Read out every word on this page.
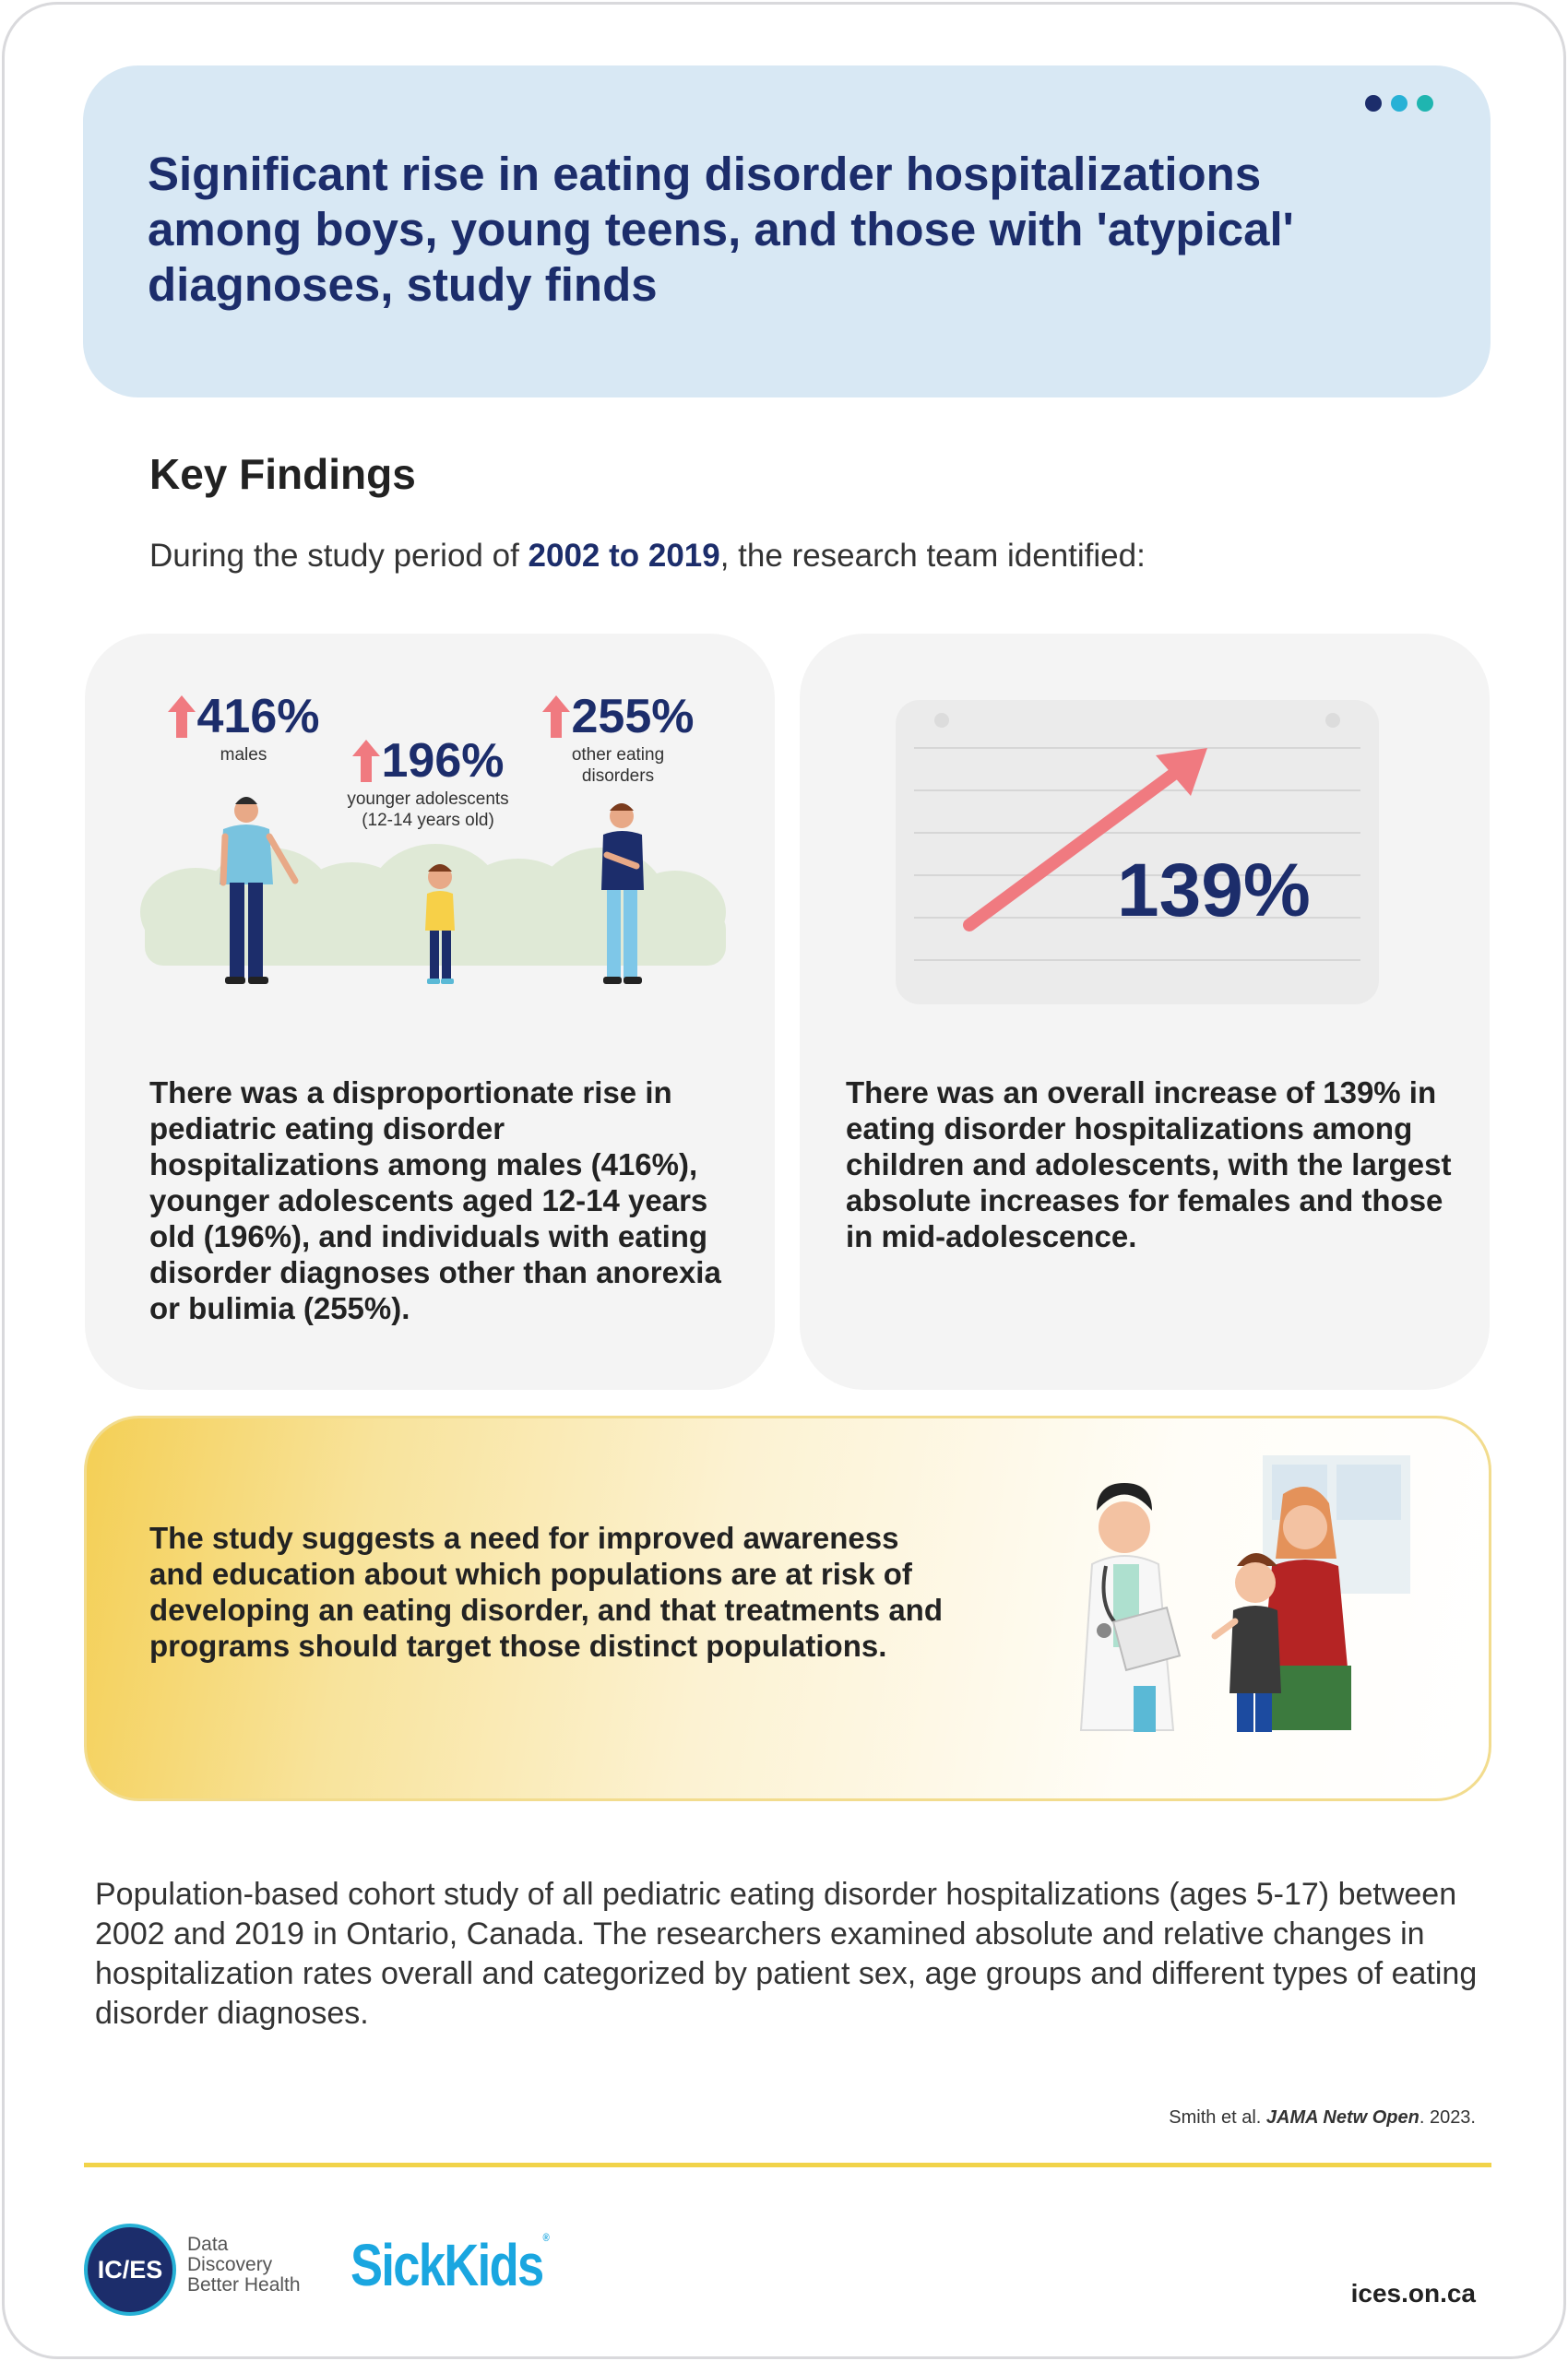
Significant rise in eating disorder hospitalizations among boys, young teens, and those with 'atypical' diagnoses, study finds
Key Findings

During the study period of 2002 to 2019, the research team identified:

416%
males	196%
younger adolescents (12-14 years old)
255%
other eating disorders

There was a disproportionate rise in pediatric eating disorder hospitalizations among males (416%), younger adolescents aged 12-14 years old (196%), and individuals with eating disorder diagnoses other than anorexia or bulimia (255%).

139%

There was an overall increase of 139% in eating disorder hospitalizations among children and adolescents, with the largest absolute increases for females and those in mid-adolescence.

The study suggests a need for improved awareness and education about which populations are at risk of developing an eating disorder, and that treatments and programs should target those distinct populations.

Population-based cohort study of all pediatric eating disorder hospitalizations (ages 5-17) between 2002 and 2019 in Ontario, Canada. The researchers examined absolute and relative changes in hospitalization rates overall and categorized by patient sex, age groups and different types of eating disorder diagnoses.

Smith et al. JAMA Netw Open. 2023.

IC/ES
Data
Discovery
Better Health SickKids®
ices.on.ca
